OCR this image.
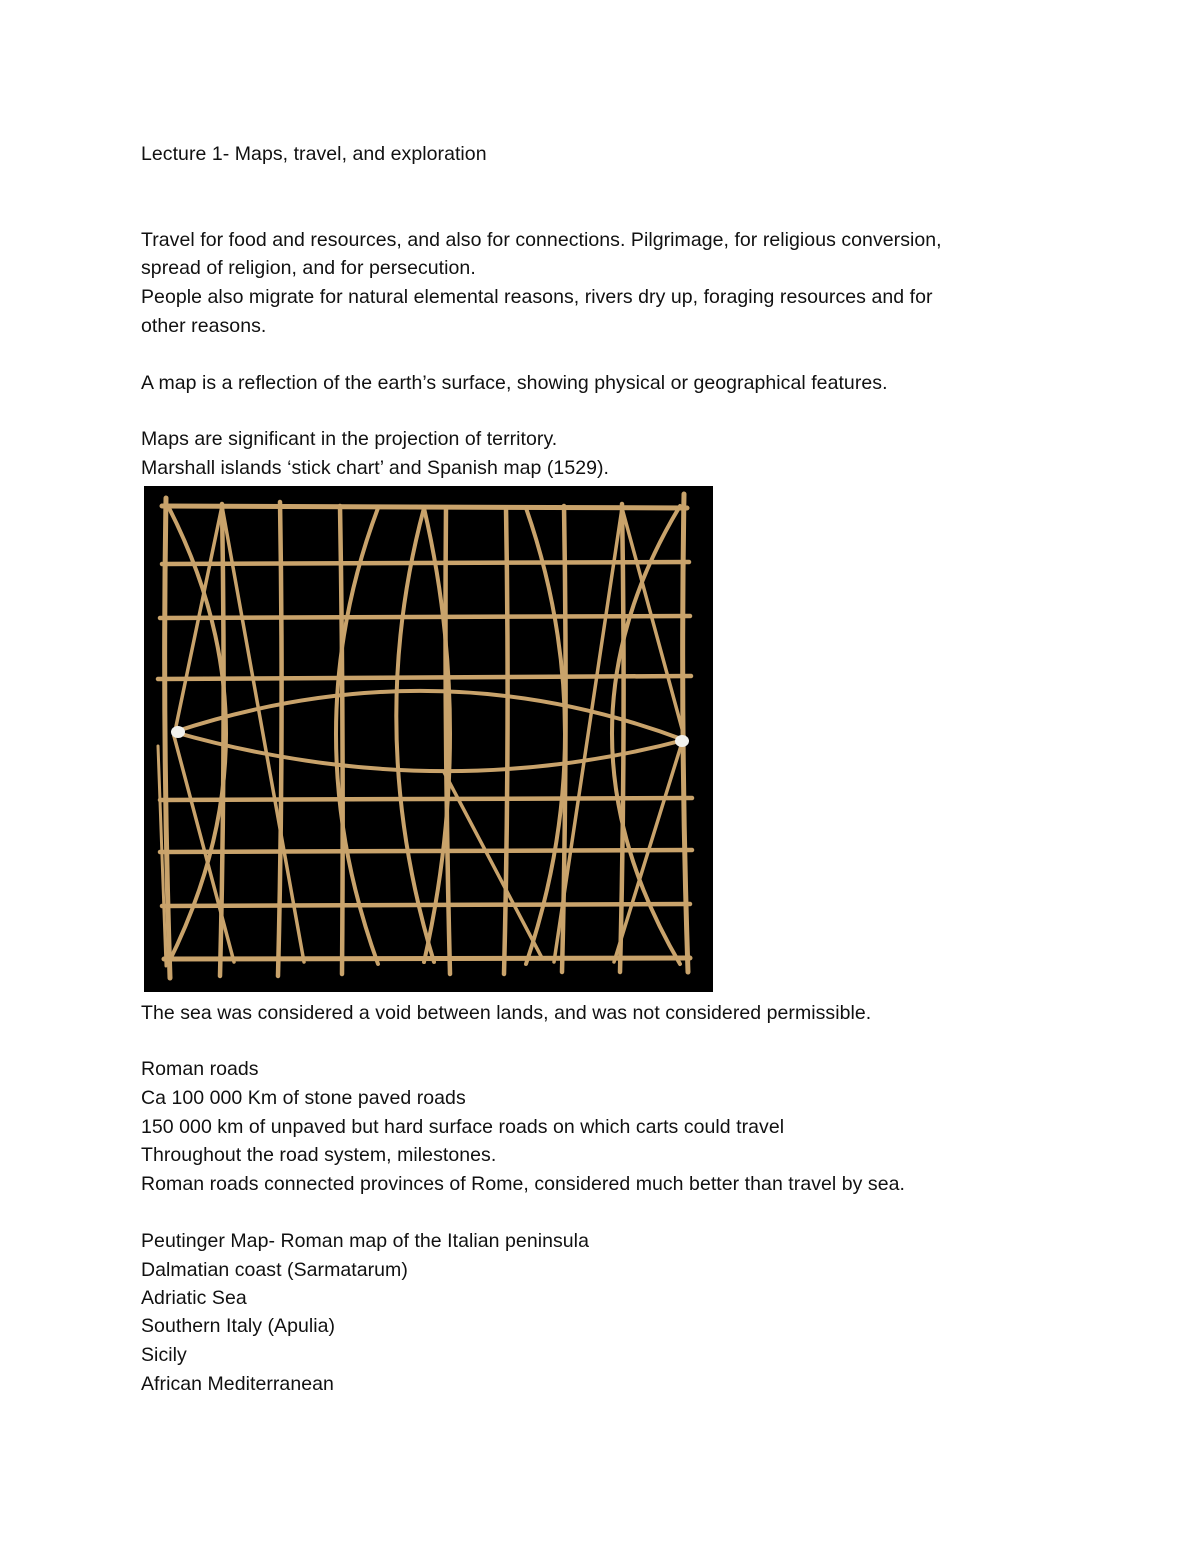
Lecture 1- Maps, travel, and exploration
Travel for food and resources, and also for connections. Pilgrimage, for religious conversion,
spread of religion, and for persecution.
People also migrate for natural elemental reasons, rivers dry up, foraging resources and for
other reasons.
A map is a reflection of the earth’s surface, showing physical or geographical features.
Maps are significant in the projection of territory.
Marshall islands ‘stick chart’ and Spanish map (1529).
The sea was considered a void between lands, and was not considered permissible.
Roman roads
Ca 100 000 Km of stone paved roads
150 000 km of unpaved but hard surface roads on which carts could travel
Throughout the road system, milestones.
Roman roads connected provinces of Rome, considered much better than travel by sea.
Peutinger Map- Roman map of the Italian peninsula
Dalmatian coast (Sarmatarum)
Adriatic Sea
Southern Italy (Apulia)
Sicily
African Mediterranean
